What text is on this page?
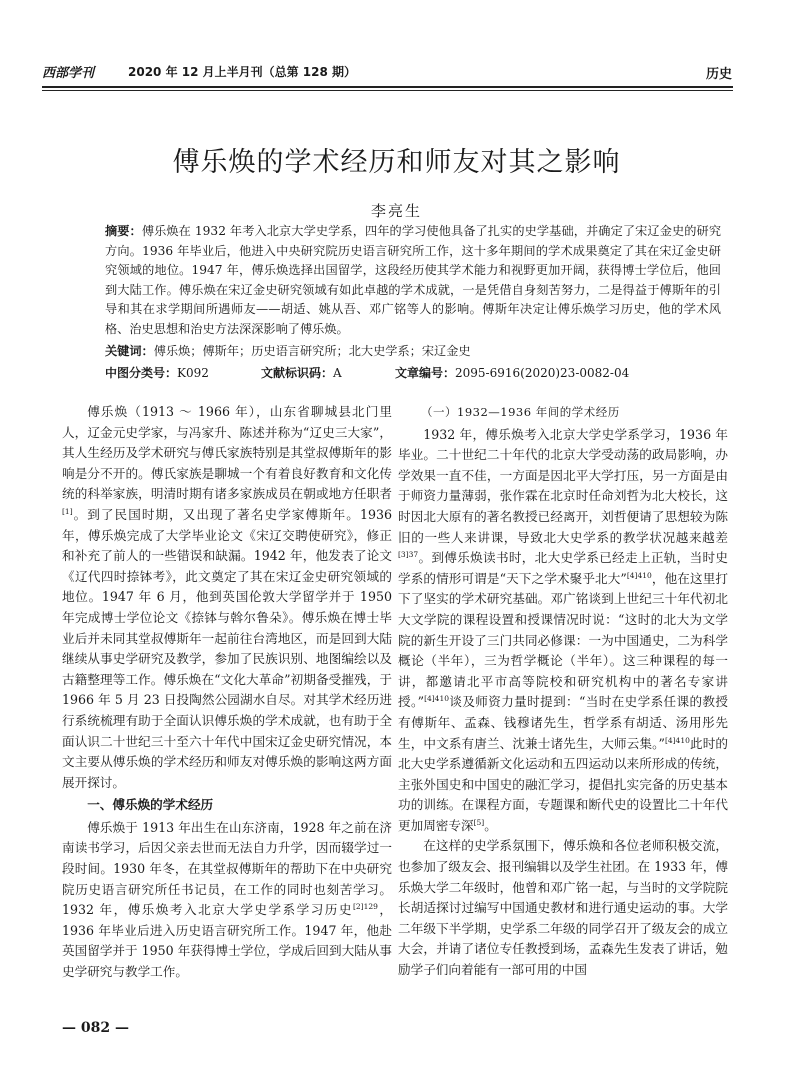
西部学刊	2020 年 12 月上半月刊（总第 128 期）	历史
傅乐焕的学术经历和师友对其之影响
李亮生
摘要：傅乐焕在 1932 年考入北京大学史学系，四年的学习使他具备了扎实的史学基础，并确定了宋辽金史的研究方向。1936 年毕业后，他进入中央研究院历史语言研究所工作，这十多年期间的学术成果奠定了其在宋辽金史研究领域的地位。1947 年，傅乐焕选择出国留学，这段经历使其学术能力和视野更加开阔，获得博士学位后，他回到大陆工作。傅乐焕在宋辽金史研究领域有如此卓越的学术成就，一是凭借自身刻苦努力，二是得益于傅斯年的引导和其在求学期间所遇师友——胡适、姚从吾、邓广铭等人的影响。傅斯年决定让傅乐焕学习历史，他的学术风格、治史思想和治史方法深深影响了傅乐焕。
关键词：傅乐焕；傅斯年；历史语言研究所；北大史学系；宋辽金史
中图分类号：K092	文献标识码：A	文章编号：2095-6916(2020)23-0082-04

傅乐焕（1913 ～ 1966 年），山东省聊城县北门里人，辽金元史学家，与冯家升、陈述并称为“辽史三大家”，其人生经历及学术研究与傅氏家族特别是其堂叔傅斯年的影响是分不开的。傅氏家族是聊城一个有着良好教育和文化传统的科举家族，明清时期有诸多家族成员在朝或地方任职者[1]。到了民国时期，又出现了著名史学家傅斯年。1936 年，傅乐焕完成了大学毕业论文《宋辽交聘使研究》，修正和补充了前人的一些错误和缺漏。1942 年，他发表了论文《辽代四时捺钵考》，此文奠定了其在宋辽金史研究领域的地位。1947 年 6 月，他到英国伦敦大学留学并于 1950 年完成博士学位论文《捺钵与斡尔鲁朵》。傅乐焕在博士毕业后并未同其堂叔傅斯年一起前往台湾地区，而是回到大陆继续从事史学研究及教学，参加了民族识别、地图编绘以及古籍整理等工作。傅乐焕在“文化大革命”初期备受摧残，于 1966 年 5 月 23 日投陶然公园湖水自尽。对其学术经历进行系统梳理有助于全面认识傅乐焕的学术成就，也有助于全面认识二十世纪三十至六十年代中国宋辽金史研究情况，本文主要从傅乐焕的学术经历和师友对傅乐焕的影响这两方面展开探讨。

一、傅乐焕的学术经历

傅乐焕于 1913 年出生在山东济南，1928 年之前在济南读书学习，后因父亲去世而无法自力升学，因而辍学过一段时间。1930 年冬，在其堂叔傅斯年的帮助下在中央研究院历史语言研究所任书记员，在工作的同时也刻苦学习。1932 年，傅乐焕考入北京大学史学系学习历史$^{[2]129}$，1936 年毕业后进入历史语言研究所工作。1947 年，他赴英国留学并于 1950 年获得博士学位，学成后回到大陆从事史学研究与教学工作。

（一）1932—1936 年间的学术经历

1932 年，傅乐焕考入北京大学史学系学习，1936 年毕业。二十世纪二十年代的北京大学受动荡的政局影响，办学效果一直不佳，一方面是因北平大学打压，另一方面是由于师资力量薄弱，张作霖在北京时任命刘哲为北大校长，这时因北大原有的著名教授已经离开，刘哲便请了思想较为陈旧的一些人来讲课，导致北大史学系的教学状况越来越差$^{[3]37}$。到傅乐焕读书时，北大史学系已经走上正轨，当时史学系的情形可谓是“天下之学术聚乎北大”$^{[4]410}$，他在这里打下了坚实的学术研究基础。邓广铭谈到上世纪三十年代初北大文学院的课程设置和授课情况时说：“这时的北大为文学院的新生开设了三门共同必修课：一为中国通史，二为科学概论（半年），三为哲学概论（半年）。这三种课程的每一讲，都邀请北平市高等院校和研究机构中的著名专家讲授。”$^{[4]410}$谈及师资力量时提到：“当时在史学系任课的教授有傅斯年、孟森、钱穆诸先生，哲学系有胡适、汤用彤先生，中文系有唐兰、沈兼士诸先生，大师云集。”$^{[4]410}$此时的北大史学系遵循新文化运动和五四运动以来所形成的传统，主张外国史和中国史的融汇学习，提倡扎实完备的历史基本功的训练。在课程方面，专题课和断代史的设置比二十年代更加周密专深[5]。

在这样的史学系氛围下，傅乐焕和各位老师积极交流，也参加了级友会、报刊编辑以及学生社团。在 1933 年，傅乐焕大学二年级时，他曾和邓广铭一起，与当时的文学院院长胡适探讨过编写中国通史教材和进行通史运动的事。大学二年级下半学期，史学系二年级的同学召开了级友会的成立大会，并请了诸位专任教授到场，孟森先生发表了讲话，勉励学子们向着能有一部可用的中国

— 082 —
